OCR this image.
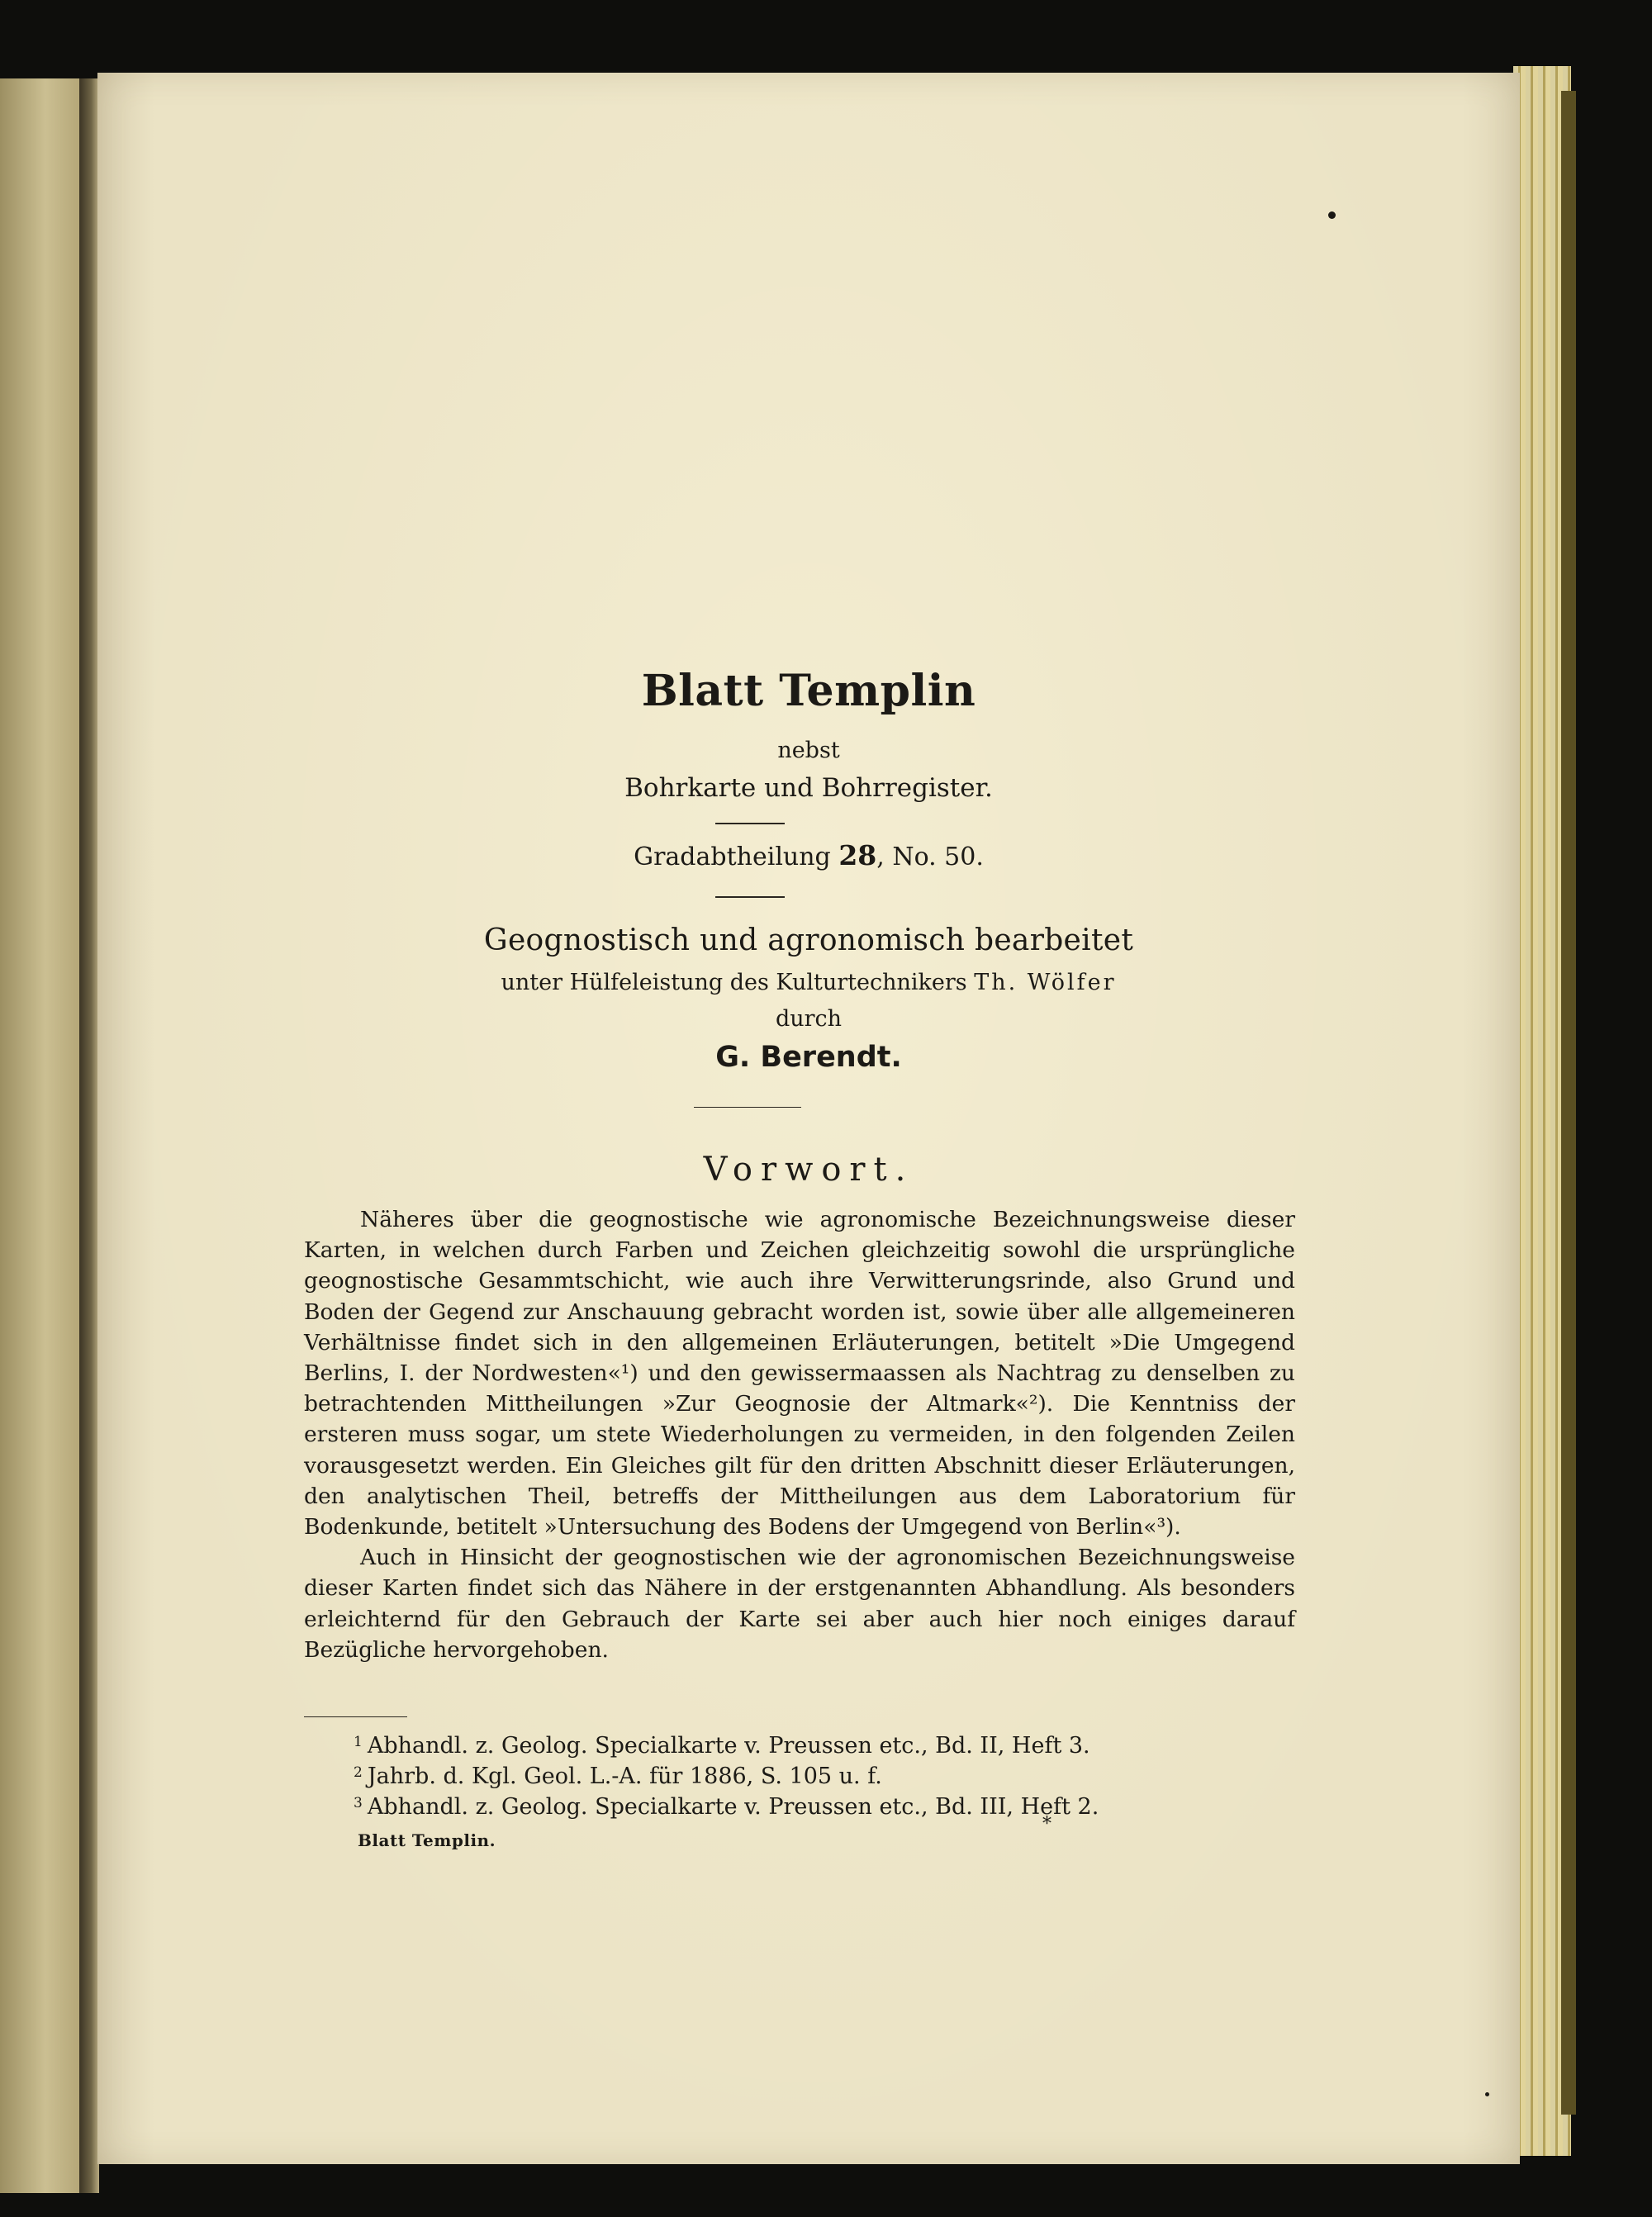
Blatt Templin
nebst
Bohrkarte und Bohrregister.
Gradabtheilung 28, No. 50.
Geognostisch und agronomisch bearbeitet
unter Hülfeleistung des Kulturtechnikers Th. Wölfer
durch
G. Berendt.
Vorwort.

Näheres über die geognostische wie agronomische Bezeichnungsweise dieser Karten, in welchen durch Farben und Zeichen gleichzeitig sowohl die ursprüngliche geognostische Gesammtschicht, wie auch ihre Verwitterungsrinde, also Grund und Boden der Gegend zur Anschauung gebracht worden ist, sowie über alle allgemeineren Verhältnisse findet sich in den allgemeinen Erläuterungen, betitelt »Die Umgegend Berlins, I. der Nordwesten«¹) und den gewissermaassen als Nachtrag zu denselben zu betrachtenden Mittheilungen »Zur Geognosie der Altmark«²). Die Kenntniss der ersteren muss sogar, um stete Wiederholungen zu vermeiden, in den folgenden Zeilen vorausgesetzt werden. Ein Gleiches gilt für den dritten Abschnitt dieser Erläuterungen, den analytischen Theil, betreffs der Mittheilungen aus dem Laboratorium für Bodenkunde, betitelt »Untersuchung des Bodens der Umgegend von Berlin«³).

Auch in Hinsicht der geognostischen wie der agronomischen Bezeichnungsweise dieser Karten findet sich das Nähere in der erstgenannten Abhandlung. Als besonders erleichternd für den Gebrauch der Karte sei aber auch hier noch einiges darauf Bezügliche hervorgehoben.

$^1$ Abhandl. z. Geolog. Specialkarte v. Preussen etc., Bd. II, Heft 3.
$^2$ Jahrb. d. Kgl. Geol. L.-A. für 1886, S. 105 u. f.
$^3$ Abhandl. z. Geolog. Specialkarte v. Preussen etc., Bd. III, Heft 2.
Blatt Templin.
*
